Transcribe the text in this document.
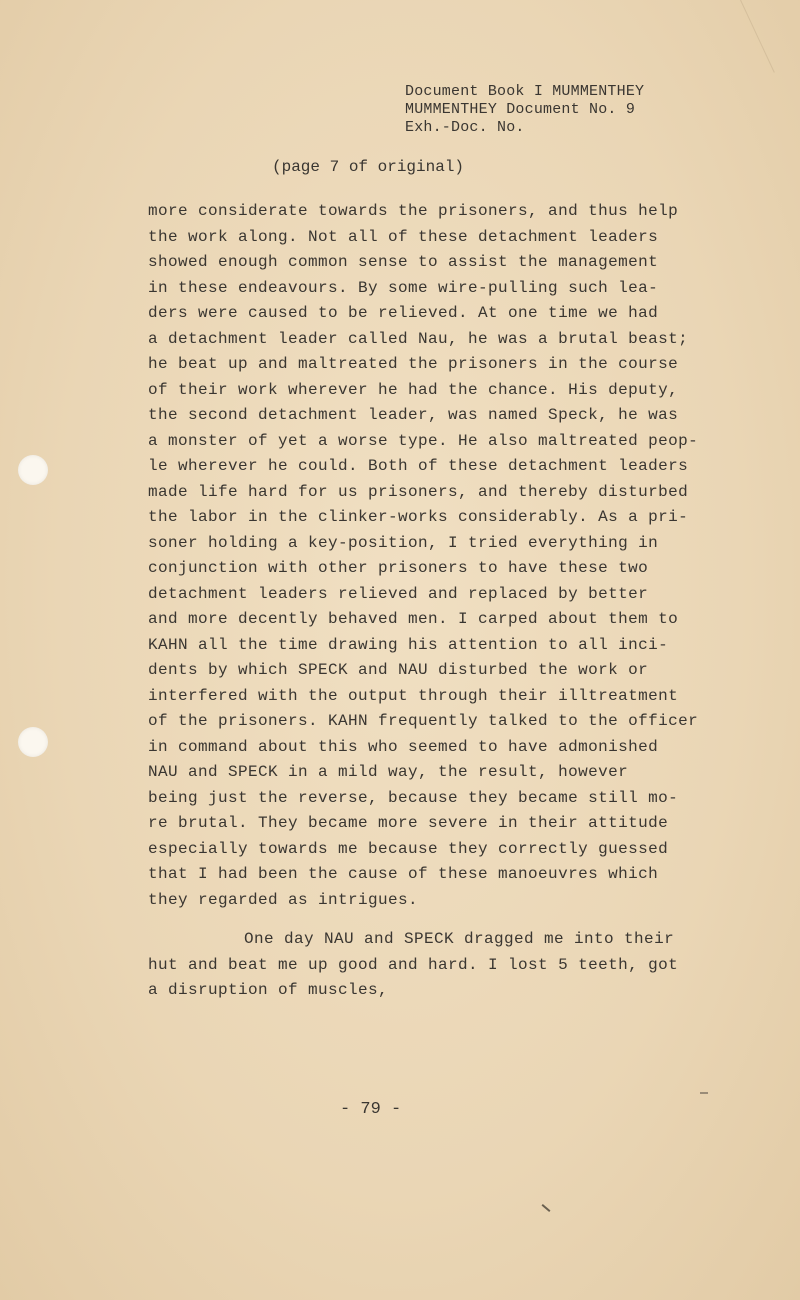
Document Book I MUMMENTHEY
MUMMENTHEY Document No. 9
Exh.-Doc. No.
(page 7 of original)
more considerate towards the prisoners, and thus help
the work along. Not all of these detachment leaders
showed enough common sense to assist the management
in these endeavours. By some wire-pulling such lea-
ders were caused to be relieved. At one time we had
a detachment leader called Nau, he was a brutal beast;
he beat up and maltreated the prisoners in the course
of their work wherever he had the chance. His deputy,
the second detachment leader, was named Speck, he was
a monster of yet a worse type. He also maltreated peop-
le wherever he could. Both of these detachment leaders
made life hard for us prisoners, and thereby disturbed
the labor in the clinker-works considerably. As a pri-
soner holding a key-position, I tried everything in
conjunction with other prisoners to have these two
detachment leaders relieved and replaced by better
and more decently behaved men. I carped about them to
KAHN all the time drawing his attention to all inci-
dents by which SPECK and NAU disturbed the work or
interfered with the output through their illtreatment
of the prisoners. KAHN frequently talked to the officer
in command about this who seemed to have admonished
NAU and SPECK in a mild way, the result, however
being just the reverse, because they became still mo-
re brutal. They became more severe in their attitude
especially towards me because they correctly guessed
that I had been the cause of these manoeuvres which
they regarded as intrigues.
One day NAU and SPECK dragged me into their
hut and beat me up good and hard. I lost 5 teeth, got
a disruption of muscles,
- 79 -
